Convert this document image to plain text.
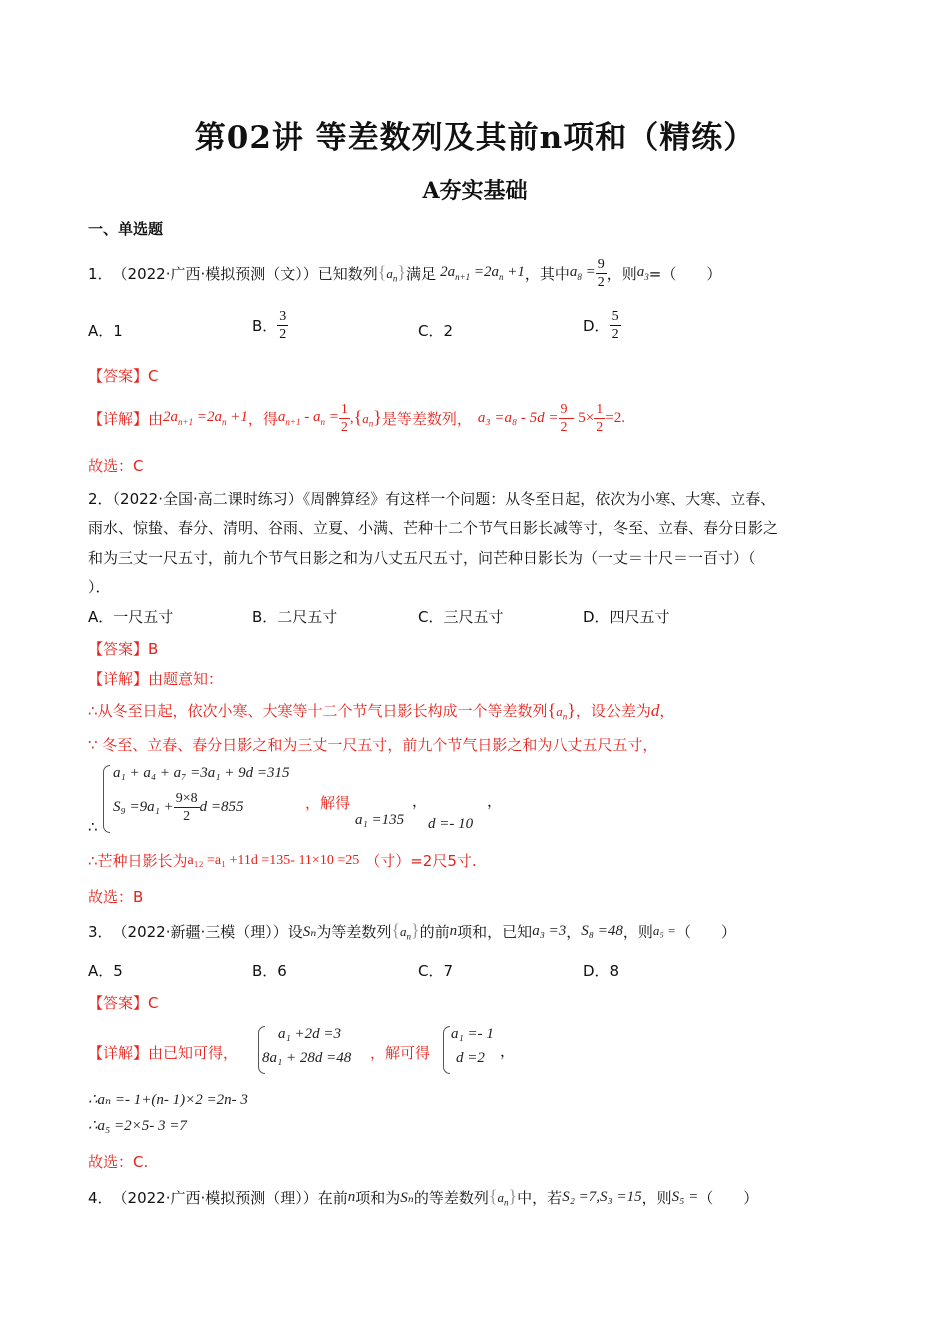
第02讲 等差数列及其前n项和（精练）
A夯实基础
一、单选题
1． （2022·广西·模拟预测（文））已知数列 $\{a_n\}$ 满足 $2a_{n+1} =2a_n +1$ ，其中 $a_8 = \frac{9}{2}$ ，则 $a_3$ =（　　）
A．1	B． $\frac{3}{2}$	C．2	D． $\frac{5}{2}$
【答案】C
【详解】 由 $2a_{n+1} =2a_n +1$ ，得 $a_{n+1} - a_n = \frac{1}{2}$ , $\{a_n\}$ 是等差数列， $a_3 =a_8 - 5d = \frac{9}{2} - 5\times \frac{1}{2} =2$.
故选：C
2．（2022·全国·高二课时练习）《周髀算经》有这样一个问题：从冬至日起，依次为小寒、大寒、立春、
雨水、惊蛰、春分、清明、谷雨、立夏、小满、芒种十二个节气日影长减等寸，冬至、立春、春分日影之
和为三丈一尺五寸，前九个节气日影之和为八丈五尺五寸，问芒种日影长为（一丈＝十尺＝一百寸）（
）．
A．一尺五寸	B．二尺五寸	C．三尺五寸	D．四尺五寸
【答案】B
【详解】由题意知：
∴从冬至日起，依次小寒、大寒等十二个节气日影长构成一个等差数列 $\{a_n\}$ ，设公差为 d ，
∵ 冬至、立春、春分日影之和为三丈一尺五寸，前九个节气日影之和为八丈五尺五寸，
a₁ + a₄ + a₇ =3a₁ + 9d =315
$S_9 =9a_1 + \frac{9\times 8}{2}$ d =855	，解得	，	，
a₁ =135 d =- 10
∴
∴芒种日影长为 a₁₂ =a₁ +11d =135- 11×10 =25 （寸）=2尺5寸.
故选：B
3． （2022·新疆·三模（理））设 Sₙ 为等差数列 $\{a_n\}$ 的前 n 项和，已知 a₃ =3 ， S₈ =48 ，则 a₅ = （　　）
A．5	B．6	C．7	D．8
【答案】C
【详解】由已知可得，
a₁ +2d =3
8a₁ + 28d =48 ，解可得
a₁ =- 1
d =2 ，
∴aₙ =- 1+(n- 1)×2 =2n- 3
∴a₅ =2×5- 3 =7
故选：C.
4． （2022·广西·模拟预测（理））在前 n 项和为 Sₙ 的等差数列 $\{a_n\}$ 中，若 S₂ =7,S₃ =15 ，则 S₅ = （　　）
